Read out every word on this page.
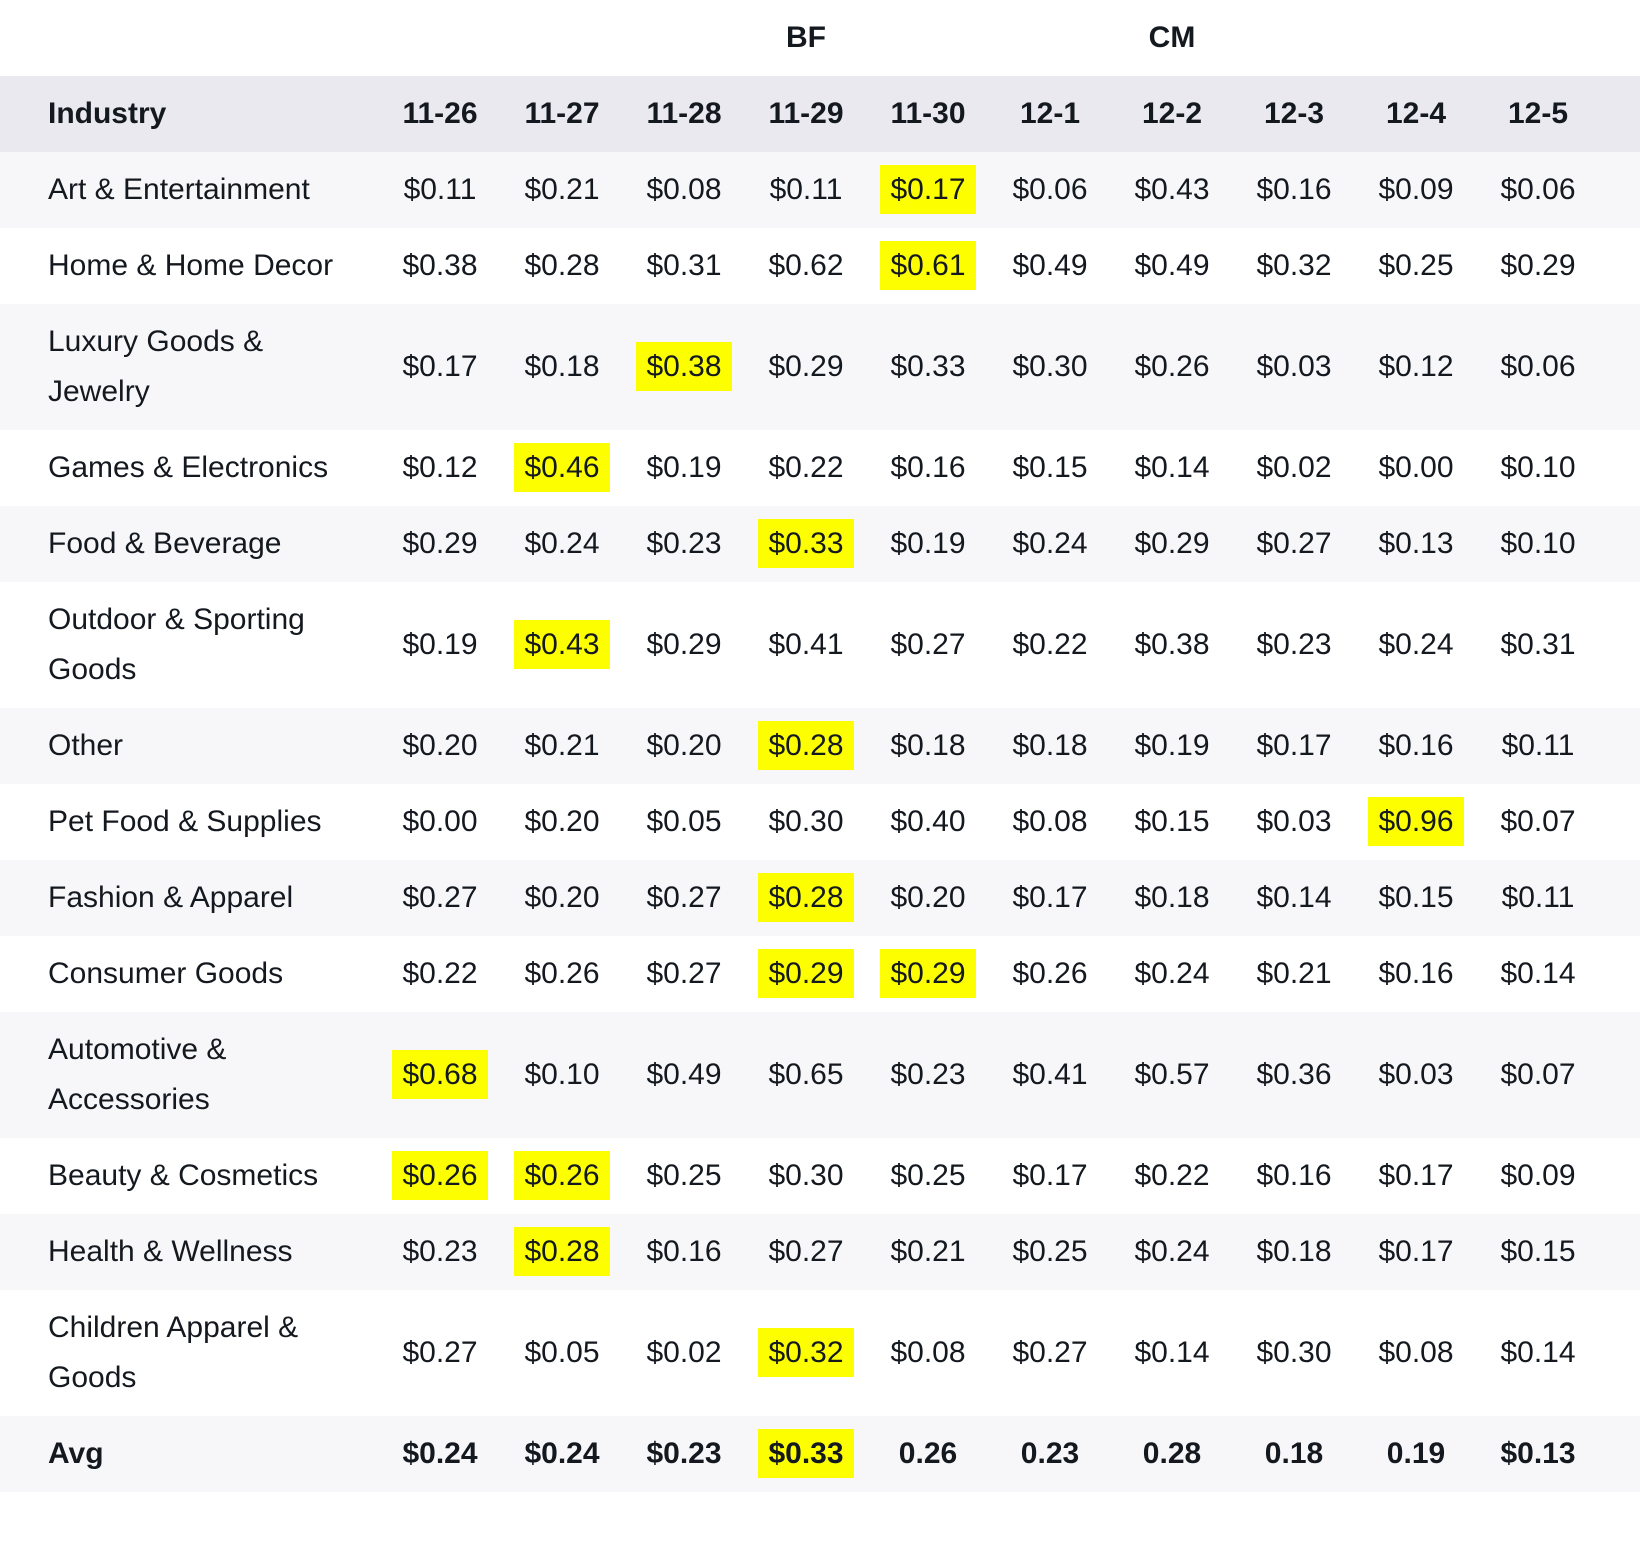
				BF			CM				
Industry	11-26	11-27	11-28	11-29	11-30	12-1	12-2	12-3	12-4	12-5	

Art & Entertainment	$0.11	$0.21	$0.08	$0.11	$0.17	$0.06	$0.43	$0.16	$0.09	$0.06	

Home & Home Decor	$0.38	$0.28	$0.31	$0.62	$0.61	$0.49	$0.49	$0.32	$0.25	$0.29	

Luxury Goods & Jewelry	$0.17	$0.18	$0.38	$0.29	$0.33	$0.30	$0.26	$0.03	$0.12	$0.06	

Games & Electronics	$0.12	$0.46	$0.19	$0.22	$0.16	$0.15	$0.14	$0.02	$0.00	$0.10	

Food & Beverage	$0.29	$0.24	$0.23	$0.33	$0.19	$0.24	$0.29	$0.27	$0.13	$0.10	

Outdoor & Sporting Goods	$0.19	$0.43	$0.29	$0.41	$0.27	$0.22	$0.38	$0.23	$0.24	$0.31	

Other	$0.20	$0.21	$0.20	$0.28	$0.18	$0.18	$0.19	$0.17	$0.16	$0.11	

Pet Food & Supplies	$0.00	$0.20	$0.05	$0.30	$0.40	$0.08	$0.15	$0.03	$0.96	$0.07	

Fashion & Apparel	$0.27	$0.20	$0.27	$0.28	$0.20	$0.17	$0.18	$0.14	$0.15	$0.11	

Consumer Goods	$0.22	$0.26	$0.27	$0.29	$0.29	$0.26	$0.24	$0.21	$0.16	$0.14	

Automotive & Accessories	$0.68	$0.10	$0.49	$0.65	$0.23	$0.41	$0.57	$0.36	$0.03	$0.07	

Beauty & Cosmetics	$0.26	$0.26	$0.25	$0.30	$0.25	$0.17	$0.22	$0.16	$0.17	$0.09	

Health & Wellness	$0.23	$0.28	$0.16	$0.27	$0.21	$0.25	$0.24	$0.18	$0.17	$0.15	

Children Apparel & Goods	$0.27	$0.05	$0.02	$0.32	$0.08	$0.27	$0.14	$0.30	$0.08	$0.14	

Avg	$0.24	$0.24	$0.23	$0.33	0.26	0.23	0.28	0.18	0.19	$0.13	
